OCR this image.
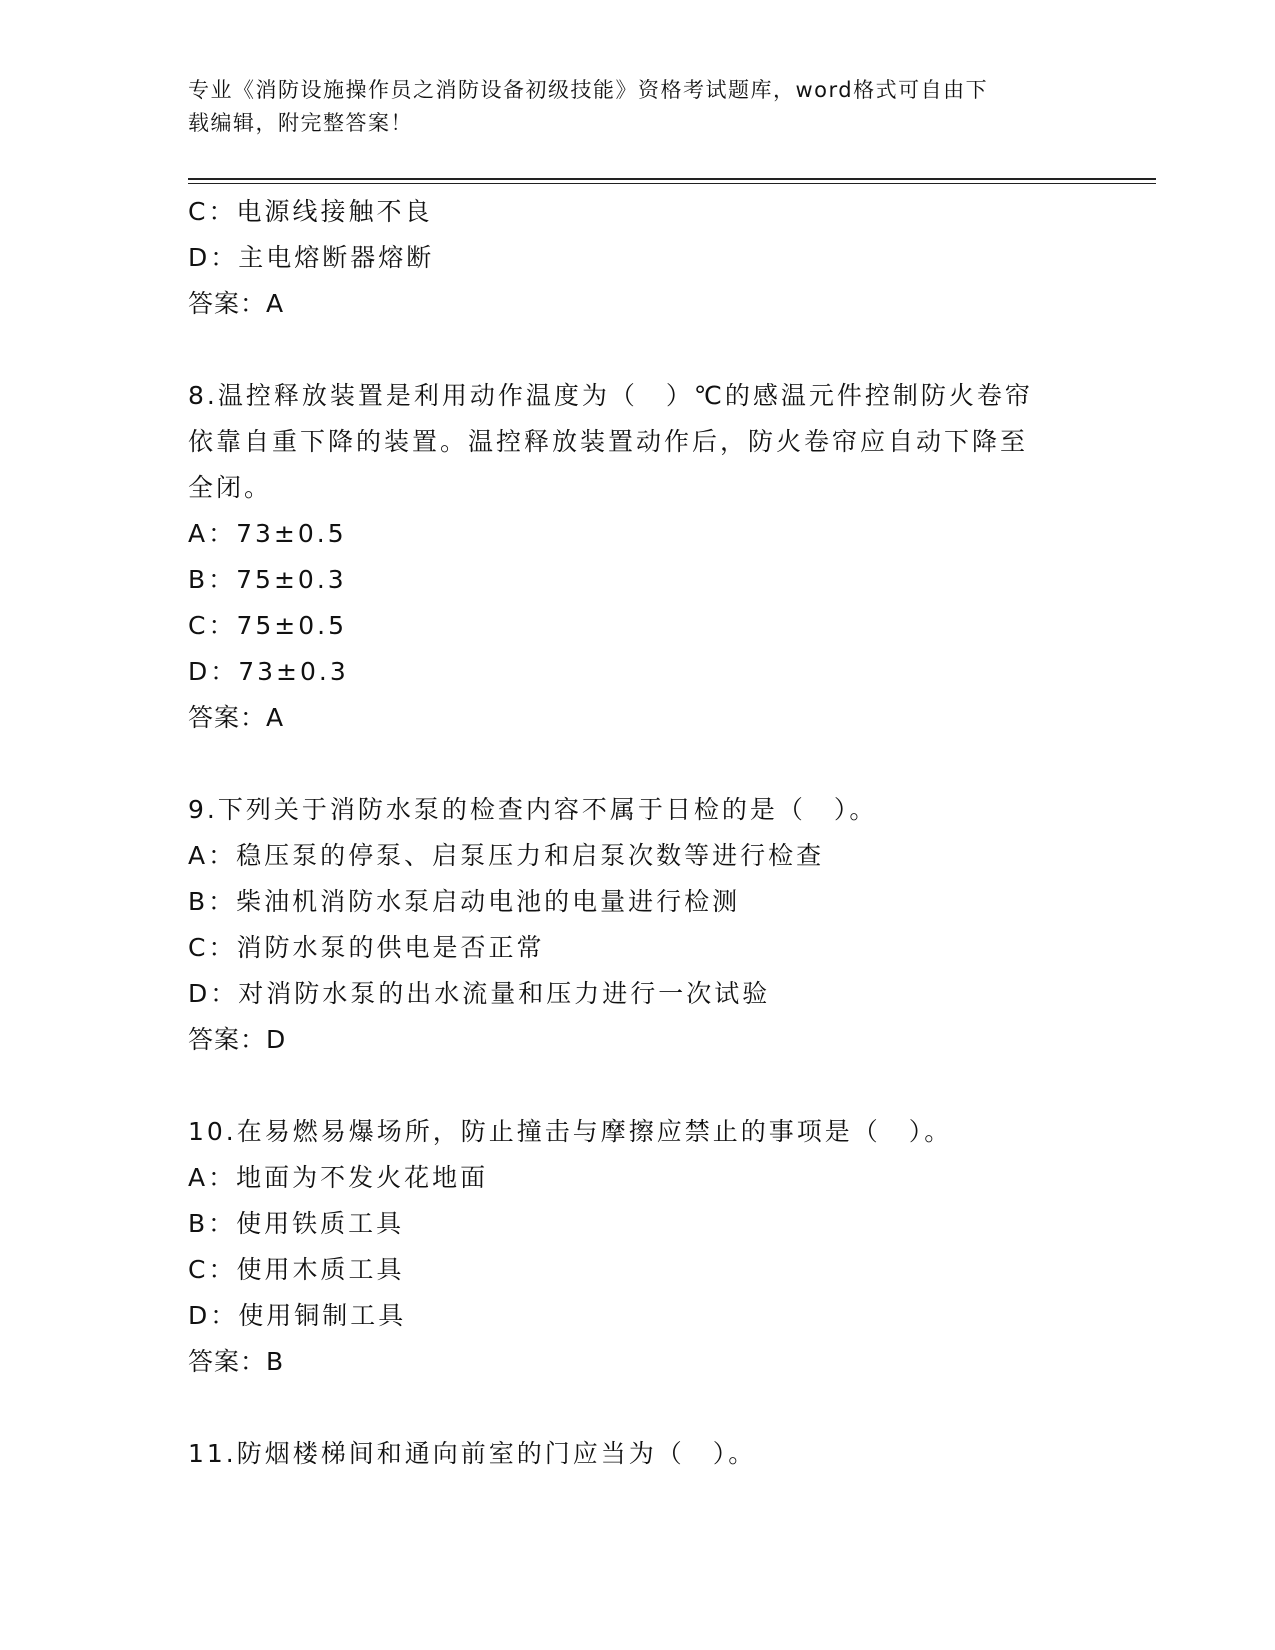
专业《消防设施操作员之消防设备初级技能》资格考试题库，word格式可自由下
载编辑，附完整答案！
C：电源线接触不良
D：主电熔断器熔断
答案：A
8.温控释放装置是利用动作温度为（　）℃的感温元件控制防火卷帘
依靠自重下降的装置。温控释放装置动作后，防火卷帘应自动下降至
全闭。
A：73±0.5
B：75±0.3
C：75±0.5
D：73±0.3
答案：A
9.下列关于消防水泵的检查内容不属于日检的是（　）。
A：稳压泵的停泵、启泵压力和启泵次数等进行检查
B：柴油机消防水泵启动电池的电量进行检测
C：消防水泵的供电是否正常
D：对消防水泵的出水流量和压力进行一次试验
答案：D
10.在易燃易爆场所，防止撞击与摩擦应禁止的事项是（　）。
A：地面为不发火花地面
B：使用铁质工具
C：使用木质工具
D：使用铜制工具
答案：B
11.防烟楼梯间和通向前室的门应当为（　）。
